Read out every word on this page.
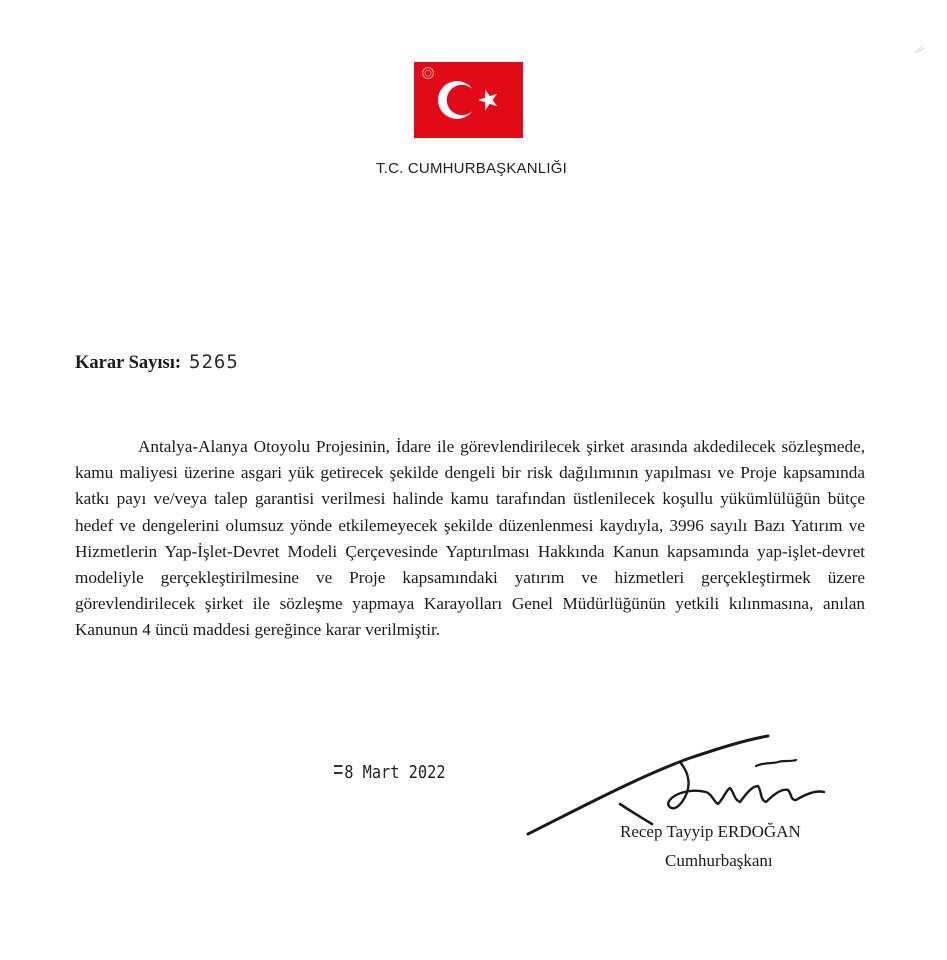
T.C. CUMHURBAŞKANLIĞI
Karar Sayısı: 5265
Antalya-Alanya Otoyolu Projesinin, İdare ile görevlendirilecek şirket arasında akdedilecek sözleşmede, kamu maliyesi üzerine asgari yük getirecek şekilde dengeli bir risk dağılımının yapılması ve Proje kapsamında katkı payı ve/veya talep garantisi verilmesi halinde kamu tarafından üstlenilecek koşullu yükümlülüğün bütçe hedef ve dengelerini olumsuz yönde etkilemeyecek şekilde düzenlenmesi kaydıyla, 3996 sayılı Bazı Yatırım ve Hizmetlerin Yap-İşlet-Devret Modeli Çerçevesinde Yaptırılması Hakkında Kanun kapsamında yap-işlet-devret modeliyle gerçekleştirilmesine ve Proje kapsamındaki yatırım ve hizmetleri gerçekleştirmek üzere görevlendirilecek şirket ile sözleşme yapmaya Karayolları Genel Müdürlüğünün yetkili kılınmasına, anılan Kanunun 4 üncü maddesi gereğince karar verilmiştir.
8 Mart 2022
Recep Tayyip ERDOĞAN
Cumhurbaşkanı
